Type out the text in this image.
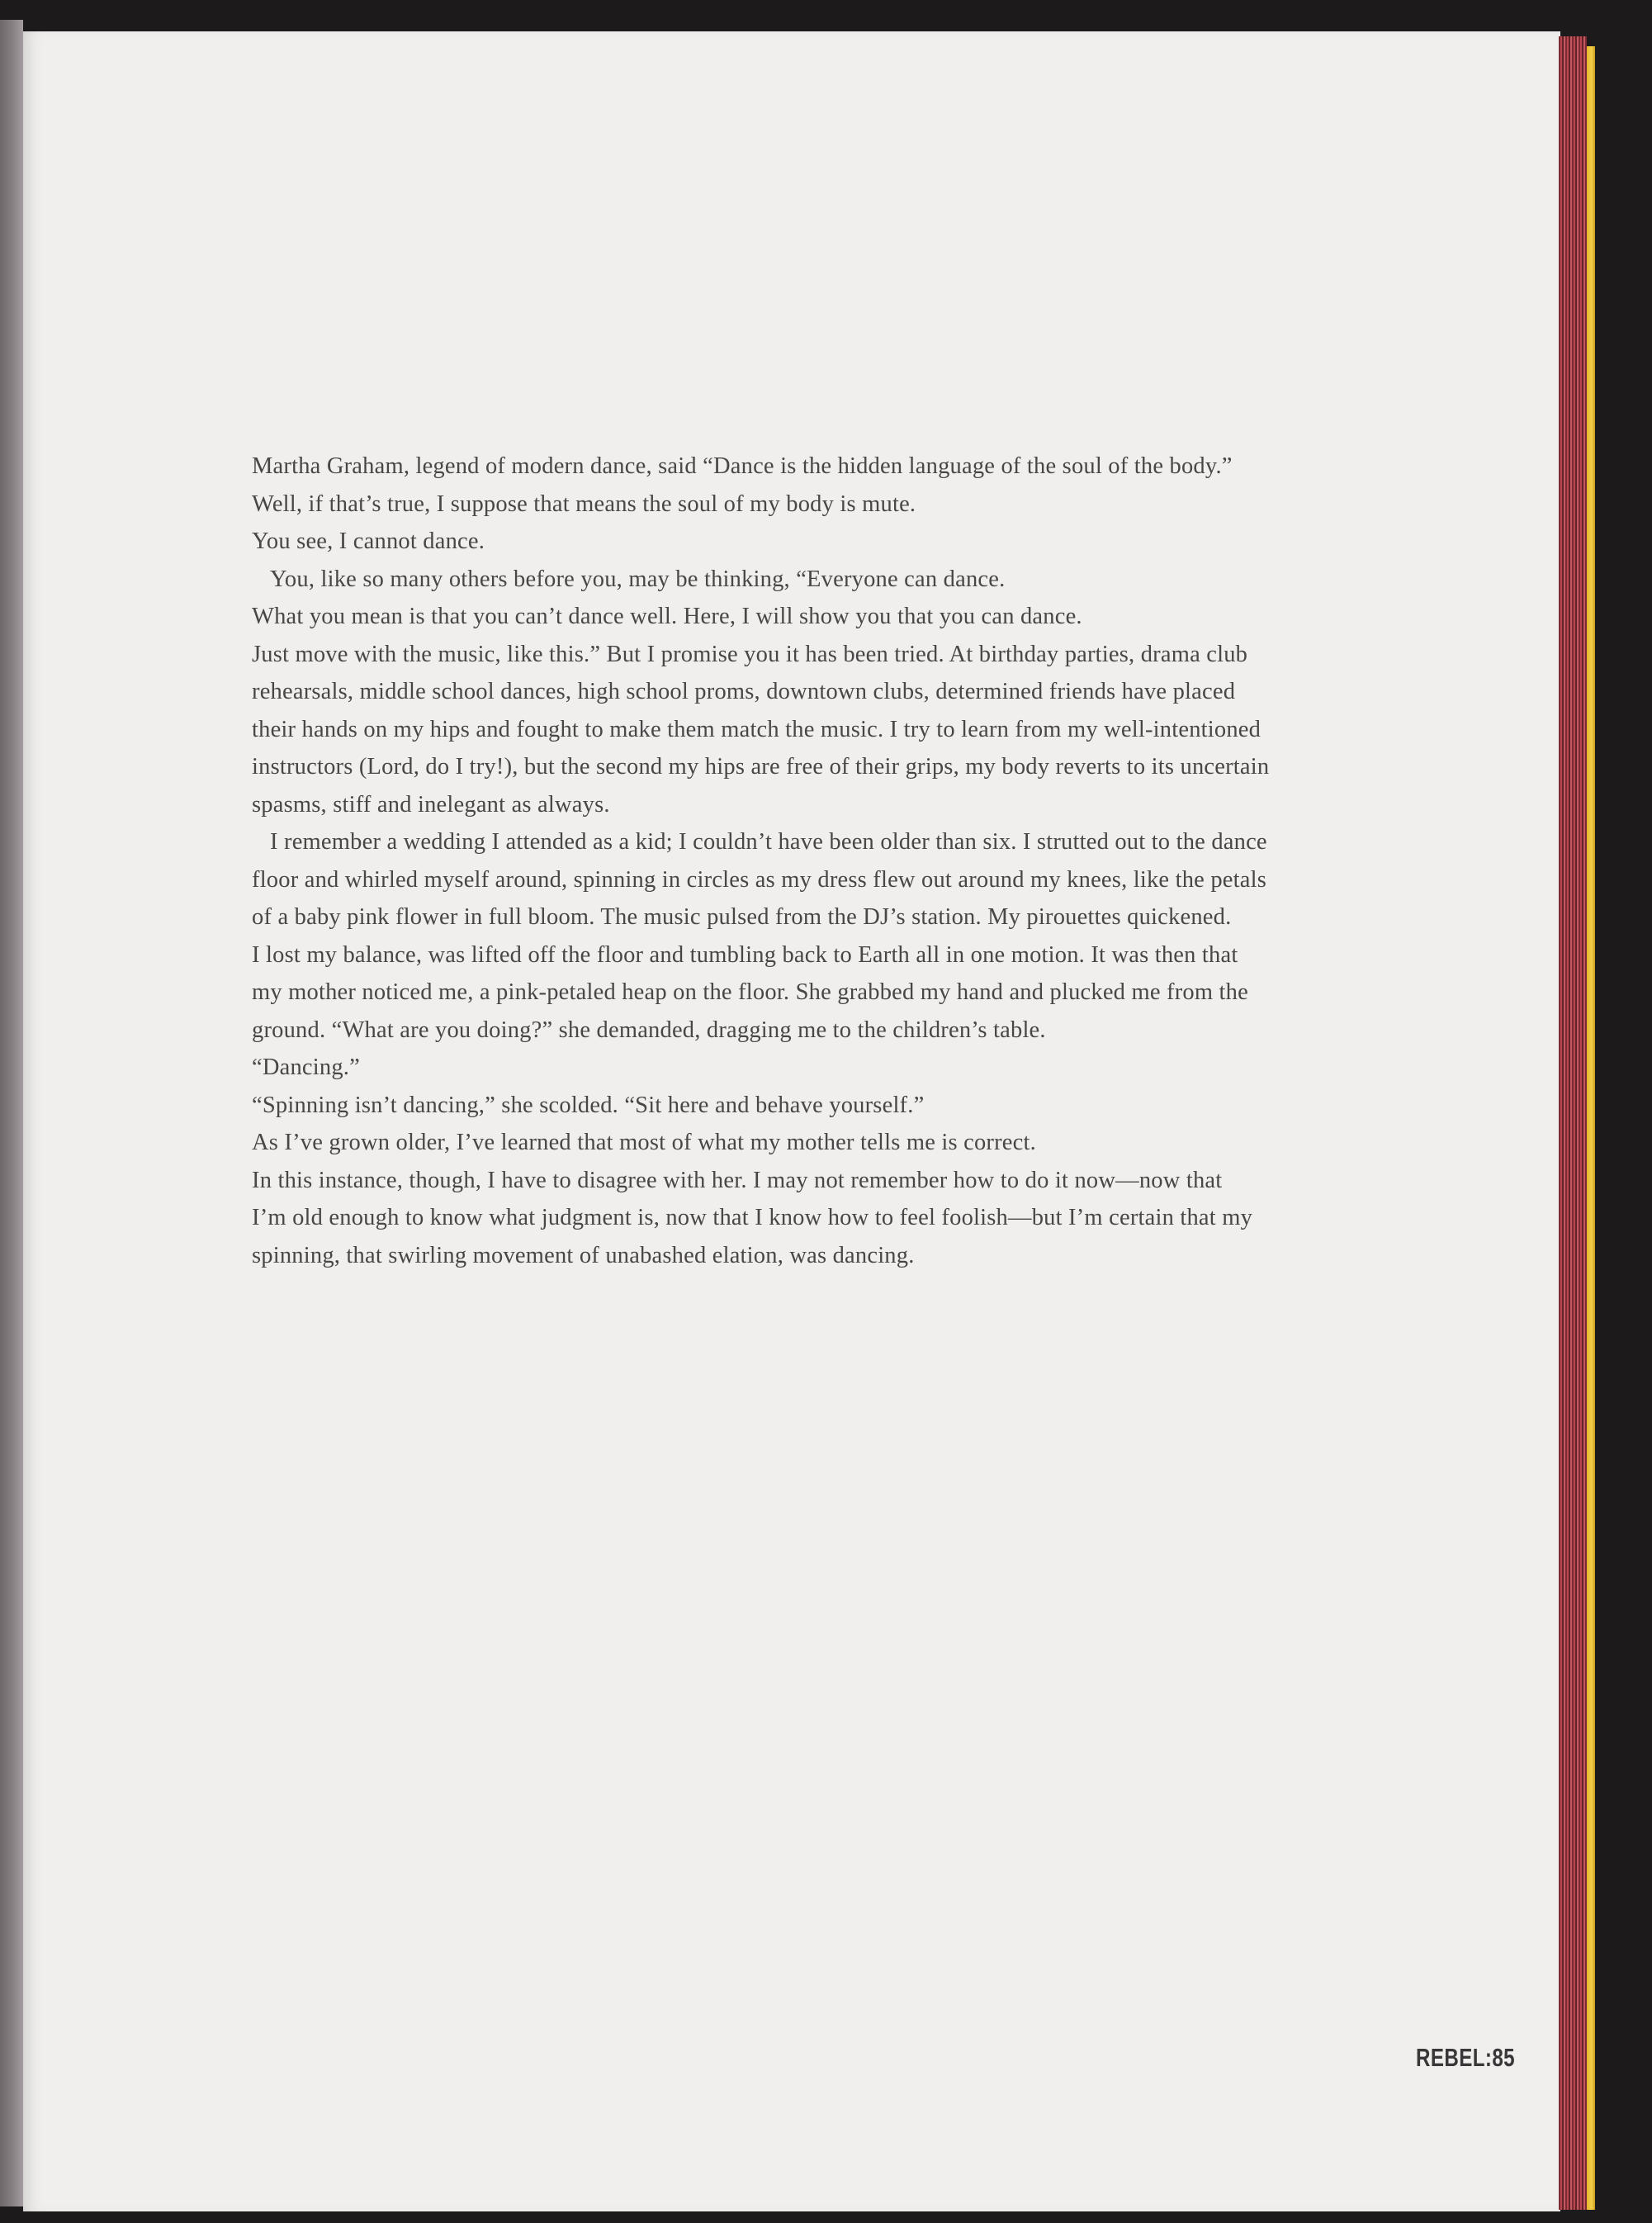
Martha Graham, legend of modern dance, said “Dance is the hidden language of the soul of the body.”
Well, if that’s true, I suppose that means the soul of my body is mute.
You see, I cannot dance.
You, like so many others before you, may be thinking, “Everyone can dance.
What you mean is that you can’t dance well. Here, I will show you that you can dance.
Just move with the music, like this.” But I promise you it has been tried. At birthday parties, drama club
rehearsals, middle school dances, high school proms, downtown clubs, determined friends have placed
their hands on my hips and fought to make them match the music. I try to learn from my well-intentioned
instructors (Lord, do I try!), but the second my hips are free of their grips, my body reverts to its uncertain
spasms, stiff and inelegant as always.
I remember a wedding I attended as a kid; I couldn’t have been older than six. I strutted out to the dance
floor and whirled myself around, spinning in circles as my dress flew out around my knees, like the petals
of a baby pink flower in full bloom. The music pulsed from the DJ’s station. My pirouettes quickened.
I lost my balance, was lifted off the floor and tumbling back to Earth all in one motion. It was then that
my mother noticed me, a pink-petaled heap on the floor. She grabbed my hand and plucked me from the
ground. “What are you doing?” she demanded, dragging me to the children’s table.
“Dancing.”
“Spinning isn’t dancing,” she scolded. “Sit here and behave yourself.”
As I’ve grown older, I’ve learned that most of what my mother tells me is correct.
In this instance, though, I have to disagree with her. I may not remember how to do it now—now that
I’m old enough to know what judgment is, now that I know how to feel foolish—but I’m certain that my
spinning, that swirling movement of unabashed elation, was dancing.
REBEL:85
